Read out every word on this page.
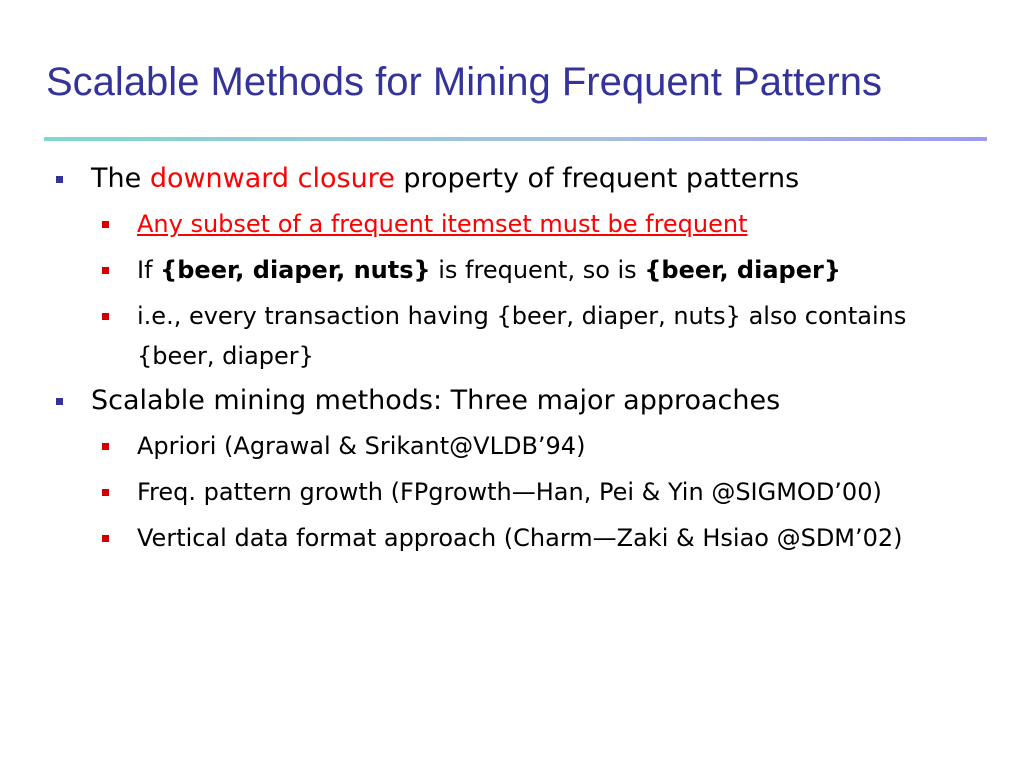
Scalable Methods for Mining Frequent Patterns
The downward closure property of frequent patterns
Any subset of a frequent itemset must be frequent
If {beer, diaper, nuts} is frequent, so is {beer, diaper}
i.e., every transaction having {beer, diaper, nuts} also contains {beer, diaper}
Scalable mining methods: Three major approaches
Apriori (Agrawal & Srikant@VLDB’94)
Freq. pattern growth (FPgrowth—Han, Pei & Yin @SIGMOD’00)
Vertical data format approach (Charm—Zaki & Hsiao @SDM’02)
